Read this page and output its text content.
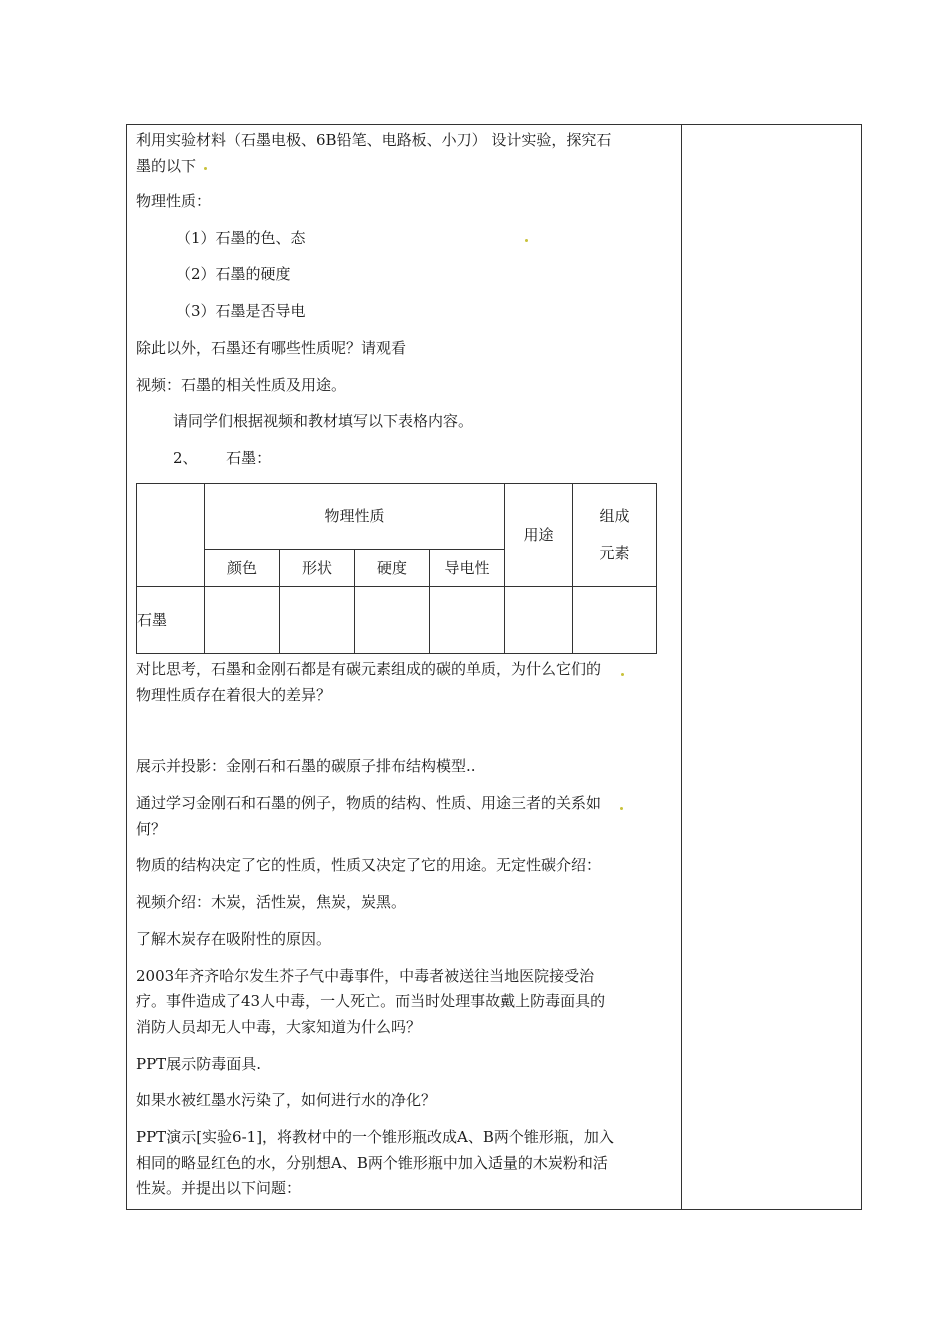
利用实验材料（石墨电极、6B铅笔、电路板、小刀） 设计实验，探究石

墨的以下

物理性质：

（1）石墨的色、态

（2）石墨的硬度

（3）石墨是否导电

除此以外，石墨还有哪些性质呢？请观看

视频：石墨的相关性质及用途。

请同学们根据视频和教材填写以下表格内容。

2、      石墨：

	物理性质				用途	组成
元素

	颜色	形状	硬度	导电性		
石墨						

对比思考，石墨和金刚石都是有碳元素组成的碳的单质，为什么它们的

物理性质存在着很大的差异？

展示并投影：金刚石和石墨的碳原子排布结构模型..

通过学习金刚石和石墨的例子，物质的结构、性质、用途三者的关系如

何？

物质的结构决定了它的性质，性质又决定了它的用途。无定性碳介绍：

视频介绍：木炭，活性炭，焦炭，炭黑。

了解木炭存在吸附性的原因。

2003年齐齐哈尔发生芥子气中毒事件，中毒者被送往当地医院接受治

疗。事件造成了43人中毒，一人死亡。而当时处理事故戴上防毒面具的

消防人员却无人中毒，大家知道为什么吗？

PPT展示防毒面具.

如果水被红墨水污染了，如何进行水的净化？

PPT演示[实验6-1]，将教材中的一个锥形瓶改成A、B两个锥形瓶，加入

相同的略显红色的水，分别想A、B两个锥形瓶中加入适量的木炭粉和活

性炭。并提出以下问题：
